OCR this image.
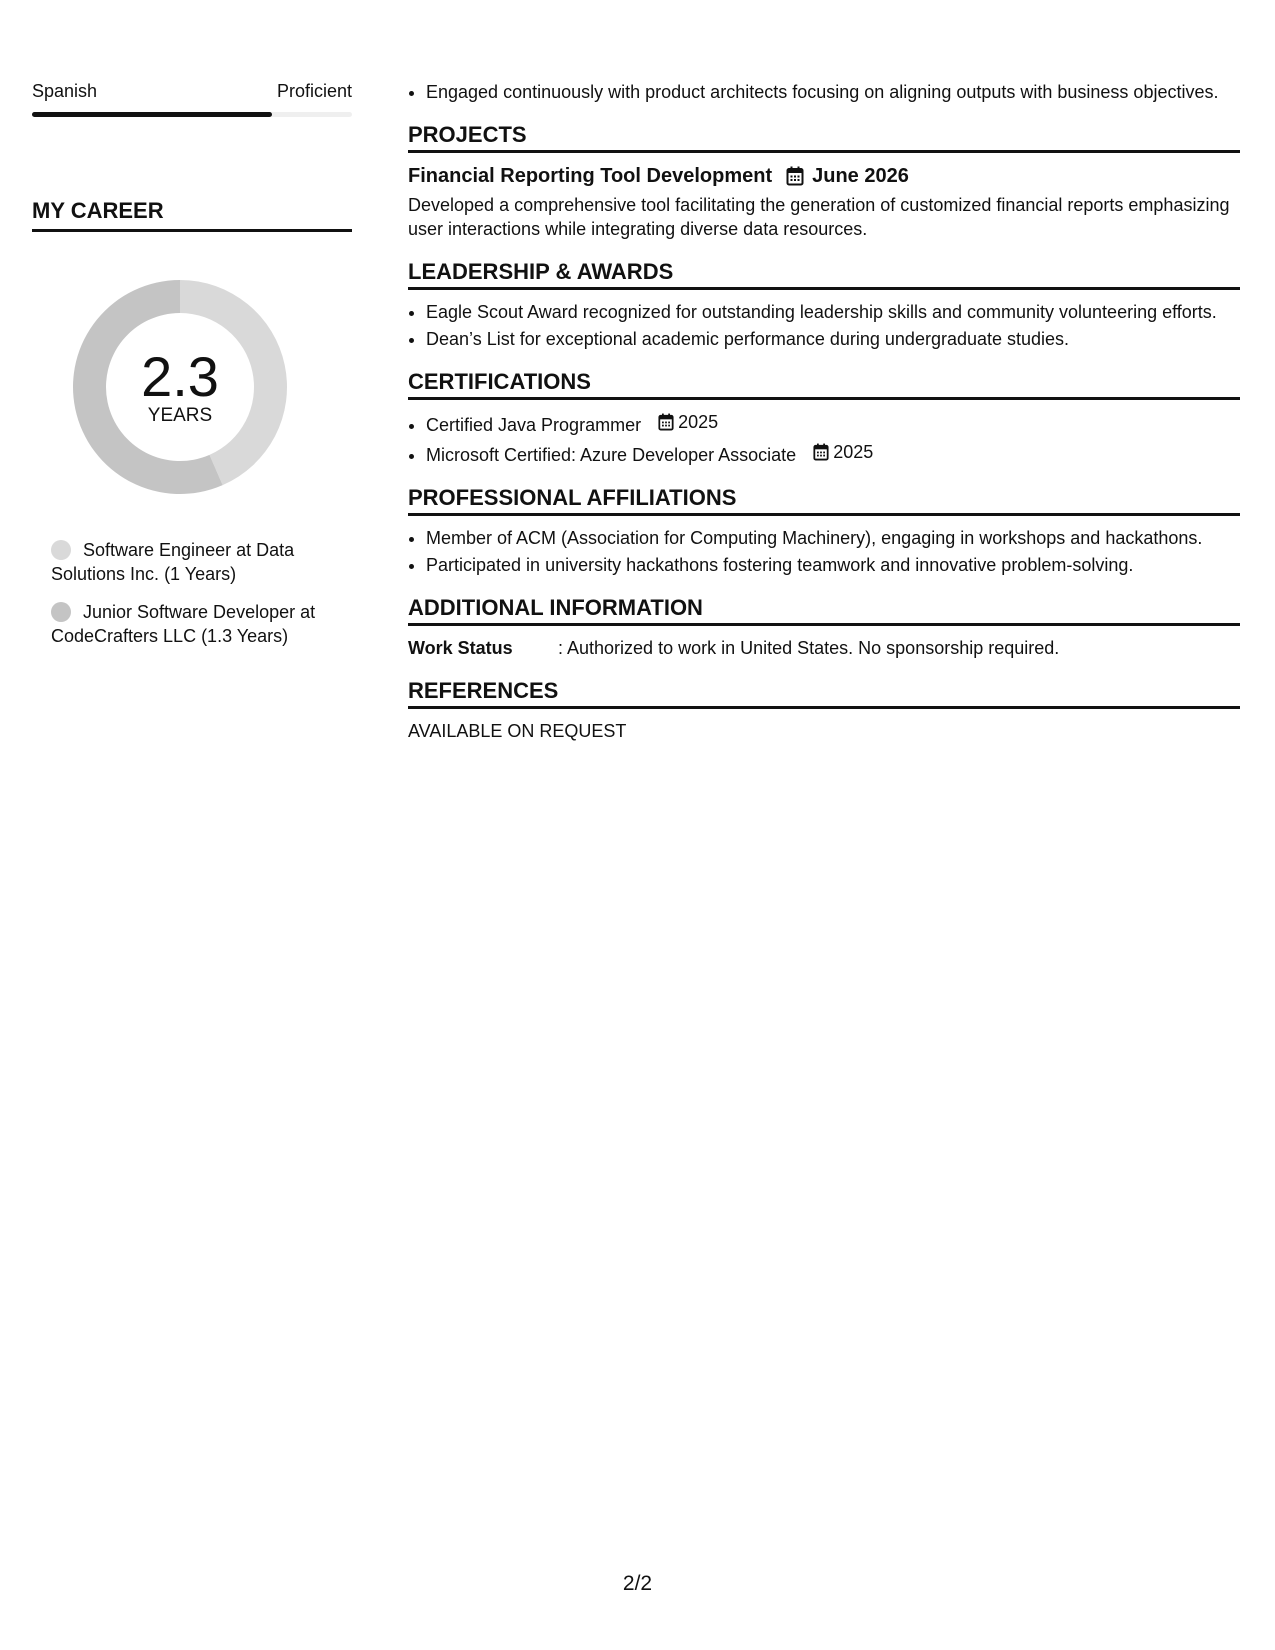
Spanish	Proficient
MY CAREER
2.3
YEARS
Software Engineer at Data Solutions Inc. (1 Years)
Junior Software Developer at CodeCrafters LLC (1.3 Years)
• Engaged continuously with product architects focusing on aligning outputs with business objectives.
PROJECTS
Financial Reporting Tool Development June 2026
Developed a comprehensive tool facilitating the generation of customized financial reports emphasizing user interactions while integrating diverse data resources.
LEADERSHIP & AWARDS
• Eagle Scout Award recognized for outstanding leadership skills and community volunteering efforts.
• Dean’s List for exceptional academic performance during undergraduate studies.
CERTIFICATIONS
• Certified Java Programmer 2025
• Microsoft Certified: Azure Developer Associate 2025
PROFESSIONAL AFFILIATIONS
• Member of ACM (Association for Computing Machinery), engaging in workshops and hackathons.
• Participated in university hackathons fostering teamwork and innovative problem-solving.
ADDITIONAL INFORMATION
Work Status	: Authorized to work in United States. No sponsorship required.
REFERENCES
AVAILABLE ON REQUEST
2/2
